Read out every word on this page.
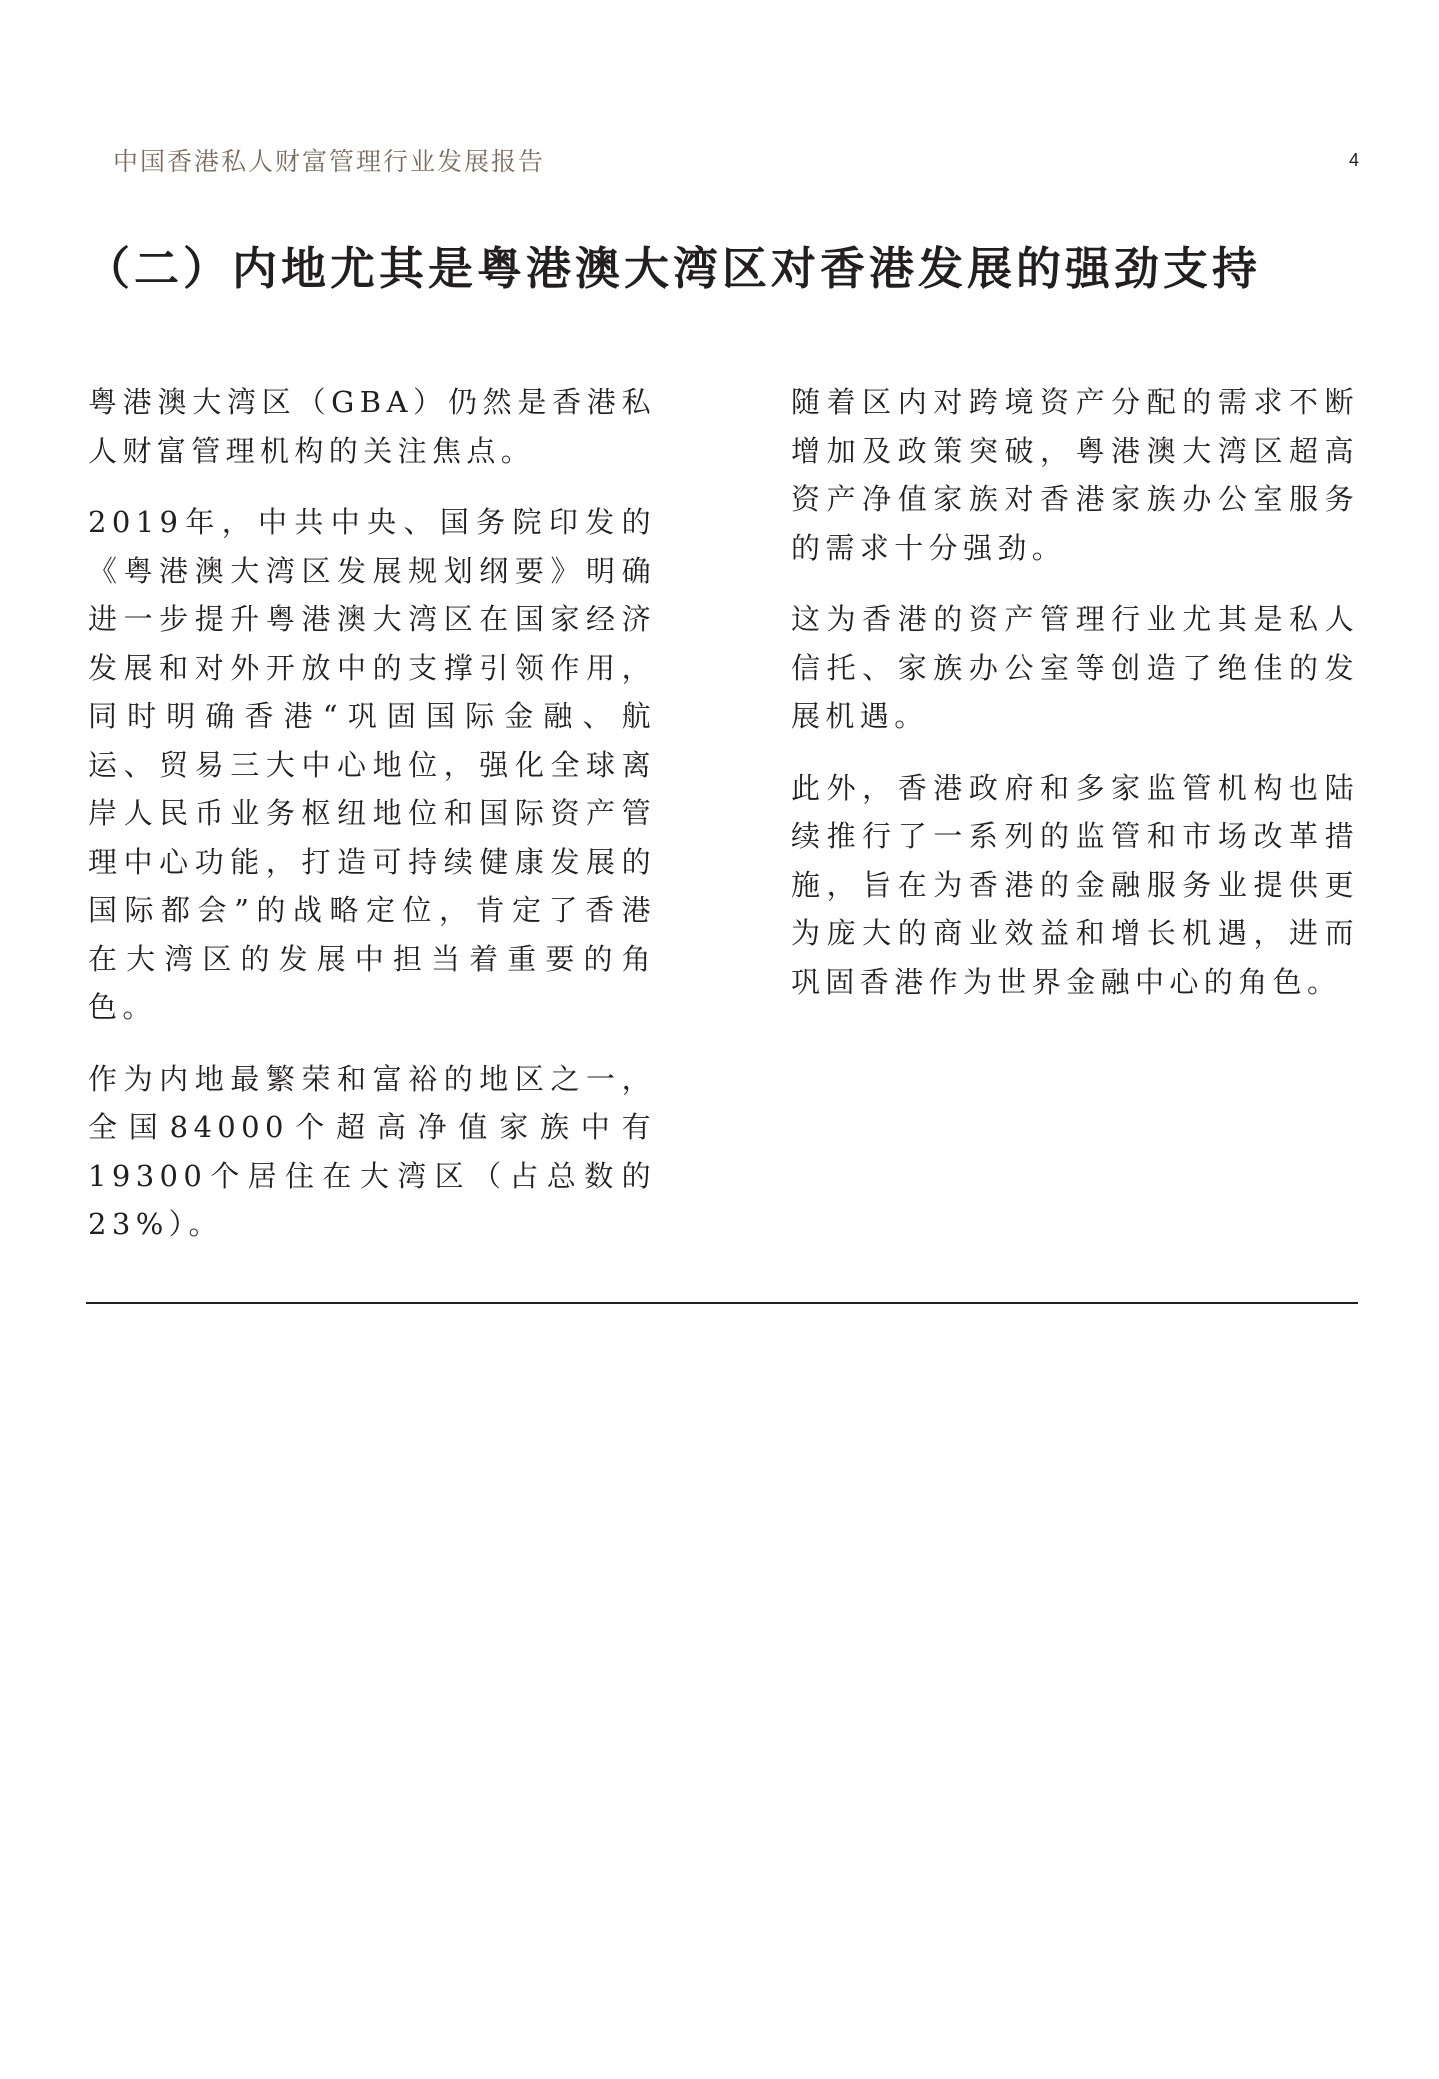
中国香港私人财富管理行业发展报告	4
（二）内地尤其是粤港澳大湾区对香港发展的强劲支持

粤港澳大湾区（GBA）仍然是香港私人财富管理机构的关注焦点。

2019年，中共中央、国务院印发的《粤港澳大湾区发展规划纲要》明确进一步提升粤港澳大湾区在国家经济发展和对外开放中的支撑引领作用，同时明确香港“巩固国际金融、航运、贸易三大中心地位，强化全球离岸人民币业务枢纽地位和国际资产管理中心功能，打造可持续健康发展的国际都会”的战略定位，肯定了香港在大湾区的发展中担当着重要的角色。

作为内地最繁荣和富裕的地区之一，全国84000个超高净值家族中有19300个居住在大湾区（占总数的23%）。

随着区内对跨境资产分配的需求不断增加及政策突破，粤港澳大湾区超高资产净值家族对香港家族办公室服务的需求十分强劲。

这为香港的资产管理行业尤其是私人信托、家族办公室等创造了绝佳的发展机遇。

此外，香港政府和多家监管机构也陆续推行了一系列的监管和市场改革措施，旨在为香港的金融服务业提供更为庞大的商业效益和增长机遇，进而巩固香港作为世界金融中心的角色。
